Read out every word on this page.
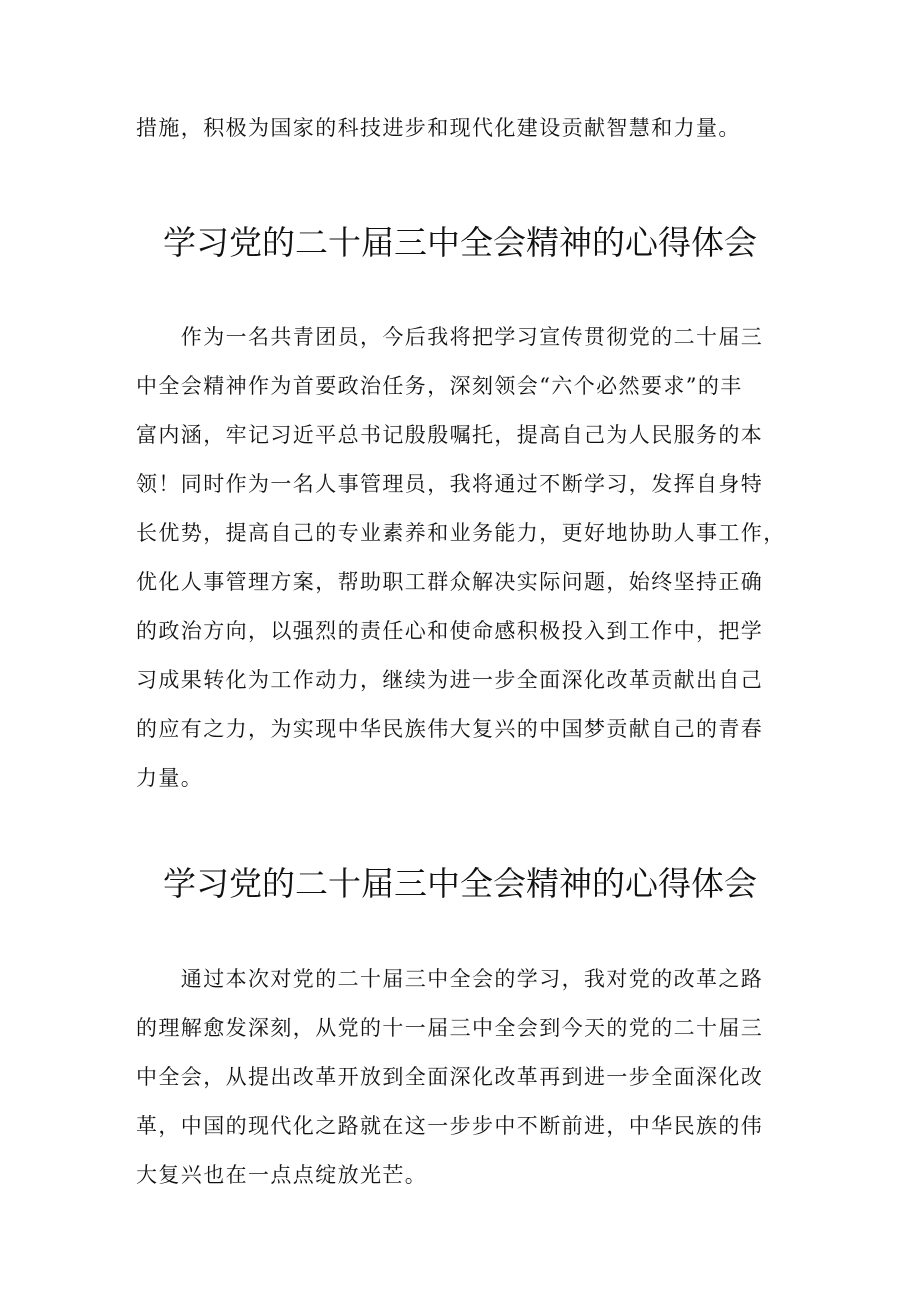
措施，积极为国家的科技进步和现代化建设贡献智慧和力量。
学习党的二十届三中全会精神的心得体会
　　作为一名共青团员，今后我将把学习宣传贯彻党的二十届三
中全会精神作为首要政治任务，深刻领会“六个必然要求”的丰
富内涵，牢记习近平总书记殷殷嘱托，提高自己为人民服务的本
领！同时作为一名人事管理员，我将通过不断学习，发挥自身特
长优势，提高自己的专业素养和业务能力，更好地协助人事工作，
优化人事管理方案，帮助职工群众解决实际问题，始终坚持正确
的政治方向，以强烈的责任心和使命感积极投入到工作中，把学
习成果转化为工作动力，继续为进一步全面深化改革贡献出自己
的应有之力，为实现中华民族伟大复兴的中国梦贡献自己的青春
力量。
学习党的二十届三中全会精神的心得体会
　　通过本次对党的二十届三中全会的学习，我对党的改革之路
的理解愈发深刻，从党的十一届三中全会到今天的党的二十届三
中全会，从提出改革开放到全面深化改革再到进一步全面深化改
革，中国的现代化之路就在这一步步中不断前进，中华民族的伟
大复兴也在一点点绽放光芒。
